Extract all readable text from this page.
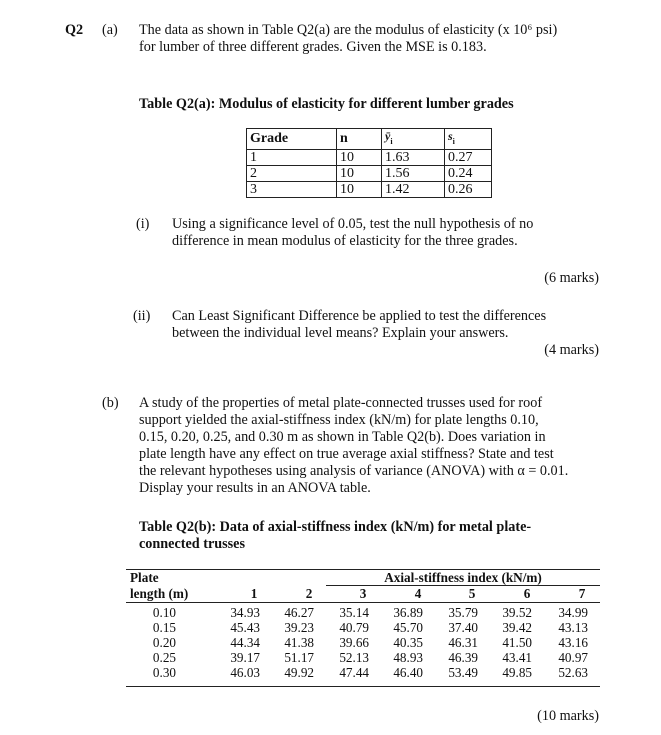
Q2 (a) The data as shown in Table Q2(a) are the modulus of elasticity (x 10⁶ psi)
for lumber of three different grades. Given the MSE is 0.183.
Table Q2(a): Modulus of elasticity for different lumber grades
Grade	n	$ȳ_i$	$s_i$
1	10	1.63	0.27
2	10	1.56	0.24
3	10	1.42	0.26
(i) Using a significance level of 0.05, test the null hypothesis of no
difference in mean modulus of elasticity for the three grades.
(6 marks)
(ii) Can Least Significant Difference be applied to test the differences
between the individual level means? Explain your answers.
(4 marks)
(b) A study of the properties of metal plate-connected trusses used for roof
support yielded the axial-stiffness index (kN/m) for plate lengths 0.10,
0.15, 0.20, 0.25, and 0.30 m as shown in Table Q2(b). Does variation in
plate length have any effect on true average axial stiffness? State and test
the relevant hypotheses using analysis of variance (ANOVA) with α = 0.01.
Display your results in an ANOVA table.
Table Q2(b): Data of axial-stiffness index (kN/m) for metal plate-
connected trusses
Plate	Axial-stiffness index (kN/m)
length (m)	1	2	3	4	5	6	7
0.10	34.93	46.27	35.14	36.89	35.79	39.52	34.99
0.15	45.43	39.23	40.79	45.70	37.40	39.42	43.13
0.20	44.34	41.38	39.66	40.35	46.31	41.50	43.16
0.25	39.17	51.17	52.13	48.93	46.39	43.41	40.97
0.30	46.03	49.92	47.44	46.40	53.49	49.85	52.63
(10 marks)
